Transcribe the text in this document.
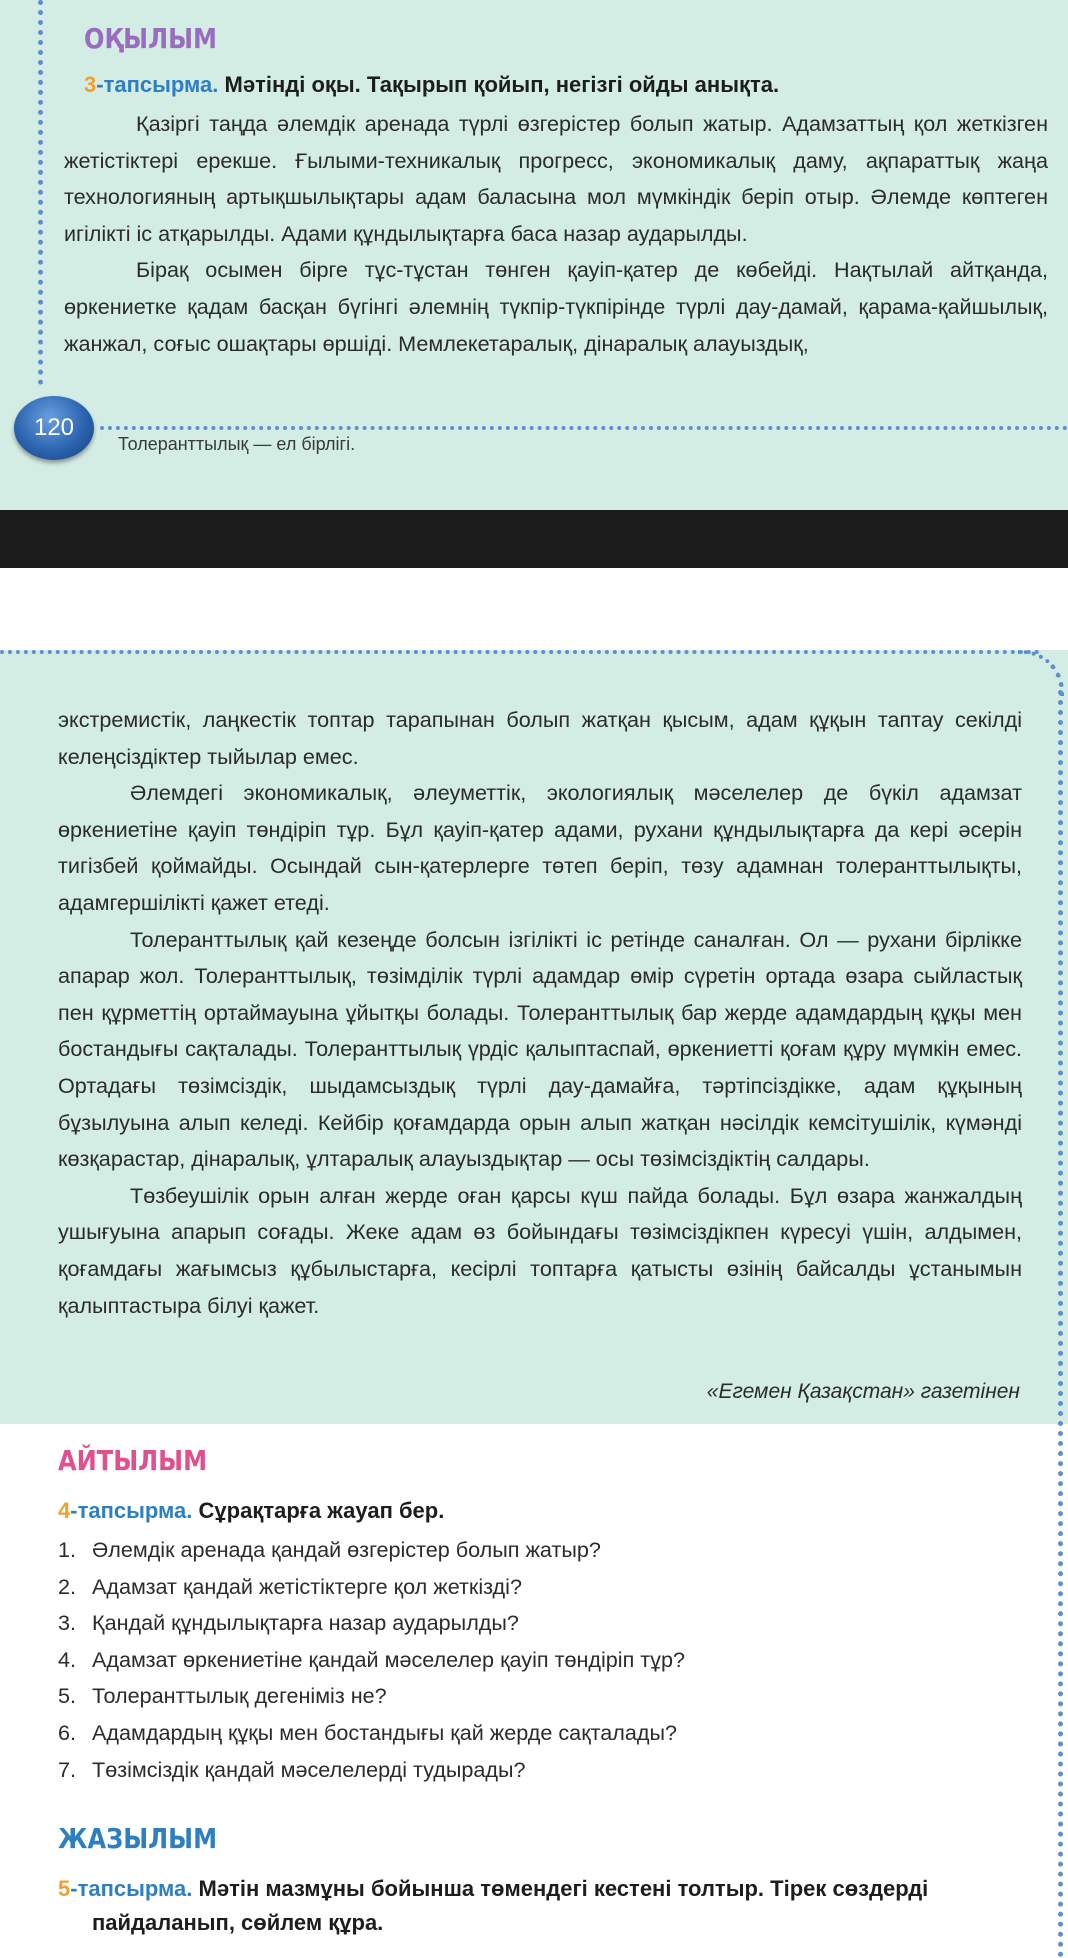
ОҚЫЛЫМ
3-тапсырма. Мәтінді оқы. Тақырып қойып, негізгі ойды анықта.

Қазіргі таңда әлемдік аренада түрлі өзгерістер болып жатыр. Адамзаттың қол жеткізген жетістіктері ерекше. Ғылыми-техникалық прогресс, экономикалық даму, ақпараттық жаңа технологияның артықшылықтары адам баласына мол мүмкіндік беріп отыр. Әлемде көптеген игілікті іс атқарылды. Адами құндылықтарға баса назар аударылды.

Бірақ осымен бірге тұс-тұстан төнген қауіп-қатер де көбейді. Нақтылай айтқанда, өркениетке қадам басқан бүгінгі әлемнің түкпір-түкпірінде түрлі дау-дамай, қарама-қайшылық, жанжал, соғыс ошақтары өршіді. Мемлекетаралық, дінаралық алауыздық,

120
Толеранттылық — ел бірлігі.

экстремистік, лаңкестік топтар тарапынан болып жатқан қысым, адам құқын таптау секілді келеңсіздіктер тыйылар емес.

Әлемдегі экономикалық, әлеуметтік, экологиялық мәселелер де бүкіл адамзат өркениетіне қауіп төндіріп тұр. Бұл қауіп-қатер адами, рухани құндылықтарға да кері әсерін тигізбей қоймайды. Осындай сын-қатерлерге төтеп беріп, төзу адамнан толеранттылықты, адамгершілікті қажет етеді.

Толеранттылық қай кезеңде болсын ізгілікті іс ретінде саналған. Ол — рухани бірлікке апарар жол. Толеранттылық, төзімділік түрлі адамдар өмір сүретін ортада өзара сыйластық пен құрметтің ортаймауына ұйытқы болады. Толеранттылық бар жерде адамдардың құқы мен бостандығы сақталады. Толеранттылық үрдіс қалыптаспай, өркениетті қоғам құру мүмкін емес. Ортадағы төзімсіздік, шыдамсыздық түрлі дау-дамайға, тәртіпсіздікке, адам құқының бұзылуына алып келеді. Кейбір қоғамдарда орын алып жатқан нәсілдік кемсітушілік, күмәнді көзқарастар, дінаралық, ұлтаралық алауыздықтар — осы төзімсіздіктің салдары.

Төзбеушілік орын алған жерде оған қарсы күш пайда болады. Бұл өзара жанжалдың ушығуына апарып соғады. Жеке адам өз бойындағы төзімсіздікпен күресуі үшін, алдымен, қоғамдағы жағымсыз құбылыстарға, кесірлі топтарға қатысты өзінің байсалды ұстанымын қалыптастыра білуі қажет.

«Егемен Қазақстан» газетінен
АЙТЫЛЫМ
4-тапсырма. Сұрақтарға жауап бер.
1. Әлемдік аренада қандай өзгерістер болып жатыр?
2. Адамзат қандай жетістіктерге қол жеткізді?
3. Қандай құндылықтарға назар аударылды?
4. Адамзат өркениетіне қандай мәселелер қауіп төндіріп тұр?
5. Толеранттылық дегеніміз не?
6. Адамдардың құқы мен бостандығы қай жерде сақталады?
7. Төзімсіздік қандай мәселелерді тудырады?
ЖАЗЫЛЫМ
5-тапсырма. Мәтін мазмұны бойынша төмендегі кестені толтыр. Тірек сөздерді
пайдаланып, сөйлем құра.
